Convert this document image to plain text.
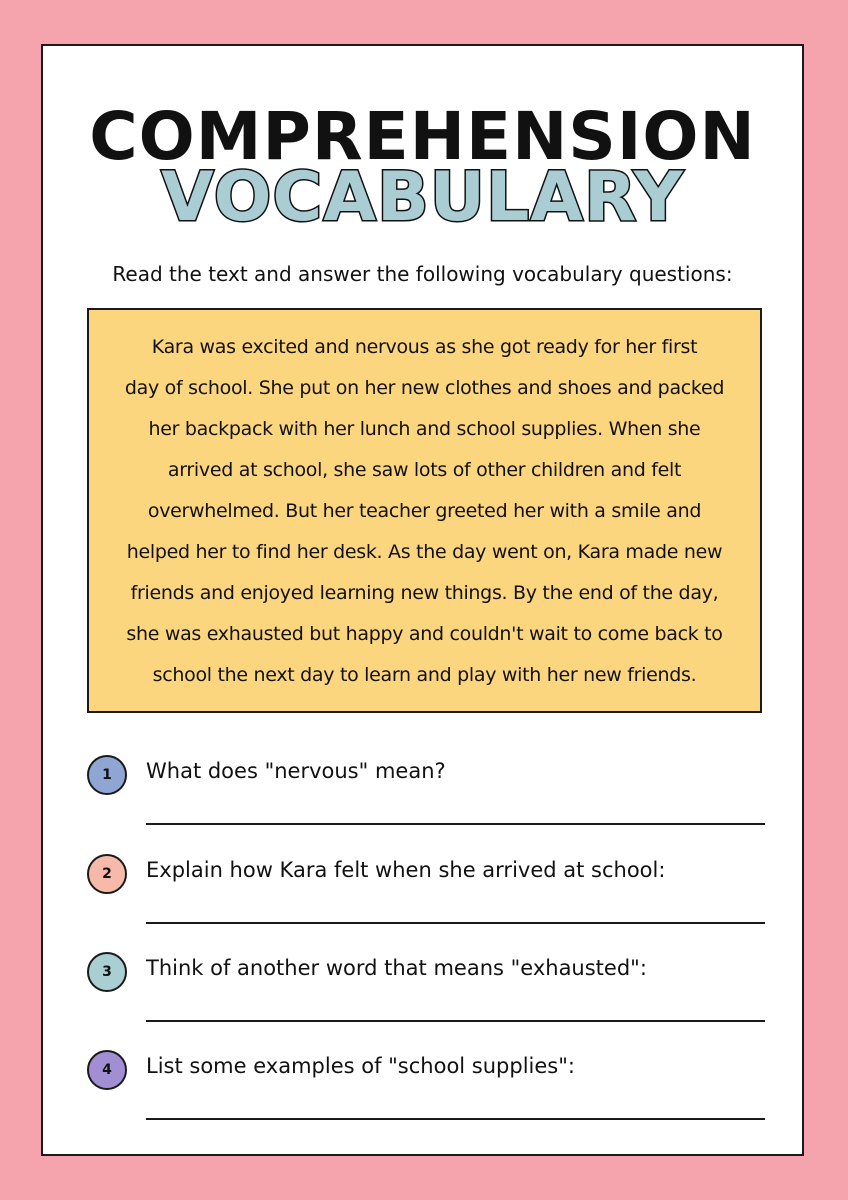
COMPREHENSION
VOCABULARY
Read the text and answer the following vocabulary questions:

Kara was excited and nervous as she got ready for her first
day of school. She put on her new clothes and shoes and packed
her backpack with her lunch and school supplies. When she
arrived at school, she saw lots of other children and felt
overwhelmed. But her teacher greeted her with a smile and
helped her to find her desk. As the day went on, Kara made new
friends and enjoyed learning new things. By the end of the day,
she was exhausted but happy and couldn't wait to come back to
school the next day to learn and play with her new friends.

1	What does "nervous" mean?
2	Explain how Kara felt when she arrived at school:
3	Think of another word that means "exhausted":
4	List some examples of "school supplies":
